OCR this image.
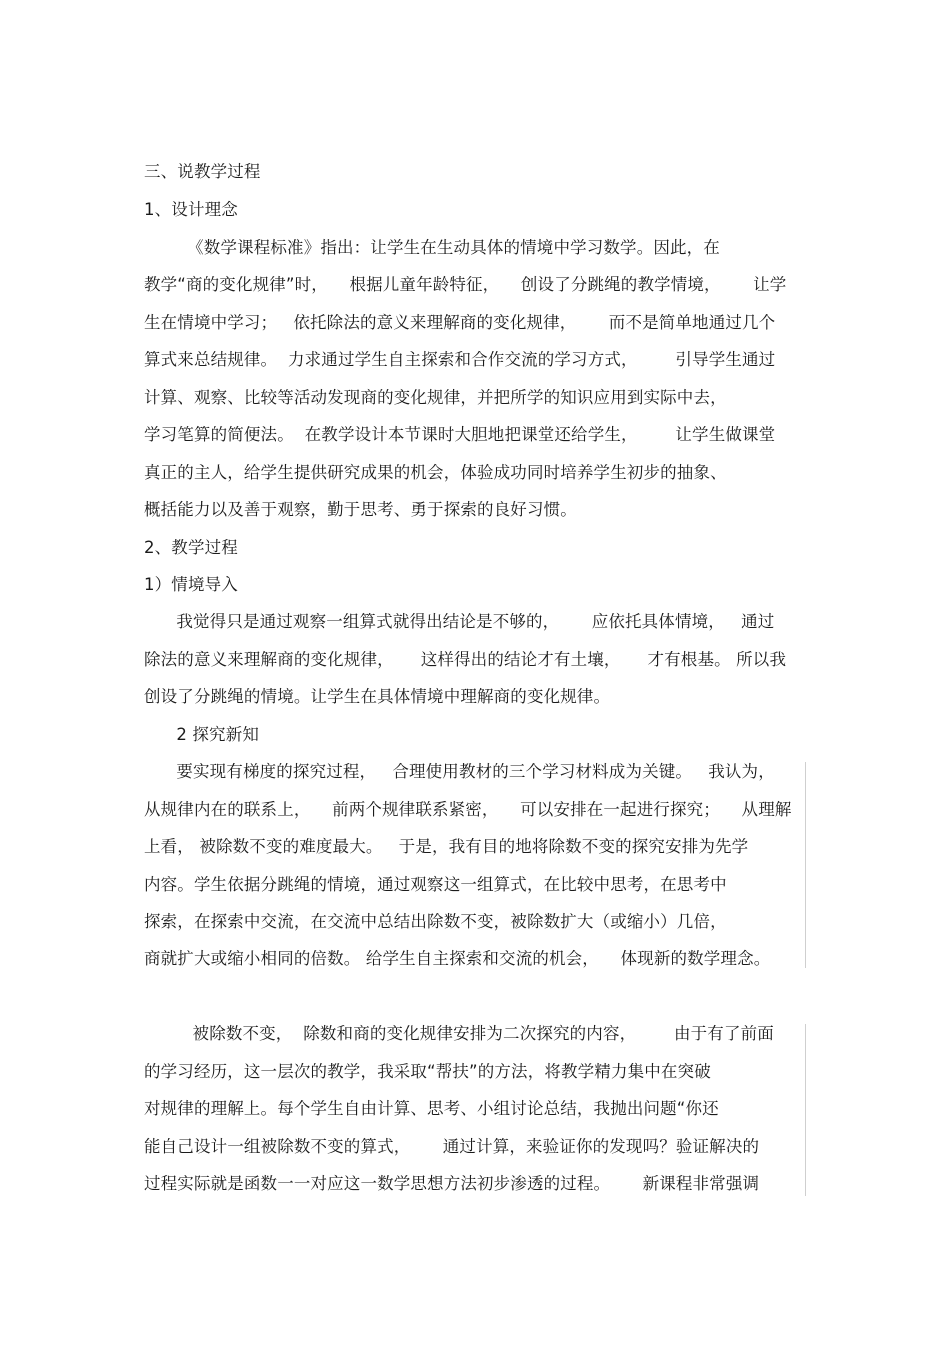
三、说教学过程
1、设计理念
《数学课程标准》指出：让学生在生动具体的情境中学习数学。因此，在
教学“商的变化规律”时，    根据儿童年龄特征，    创设了分跳绳的教学情境，      让学
生在情境中学习；   依托除法的意义来理解商的变化规律，      而不是简单地通过几个
算式来总结规律。  力求通过学生自主探索和合作交流的学习方式，       引导学生通过
计算、观察、比较等活动发现商的变化规律，并把所学的知识应用到实际中去，
学习笔算的简便法。  在教学设计本节课时大胆地把课堂还给学生，       让学生做课堂
真正的主人，给学生提供研究成果的机会，体验成功同时培养学生初步的抽象、
概括能力以及善于观察，勤于思考、勇于探索的良好习惯。
2、教学过程
1）情境导入
我觉得只是通过观察一组算式就得出结论是不够的，      应依托具体情境，   通过
除法的意义来理解商的变化规律，     这样得出的结论才有土壤，     才有根基。 所以我
创设了分跳绳的情境。让学生在具体情境中理解商的变化规律。
2 探究新知
要实现有梯度的探究过程，   合理使用教材的三个学习材料成为关键。   我认为，
从规律内在的联系上，    前两个规律联系紧密，    可以安排在一起进行探究；    从理解
上看， 被除数不变的难度最大。   于是，我有目的地将除数不变的探究安排为先学
内容。学生依据分跳绳的情境，通过观察这一组算式，在比较中思考，在思考中
探索，在探索中交流，在交流中总结出除数不变，被除数扩大（或缩小）几倍，
商就扩大或缩小相同的倍数。 给学生自主探索和交流的机会，    体现新的数学理念。
被除数不变，  除数和商的变化规律安排为二次探究的内容，       由于有了前面
的学习经历，这一层次的教学，我采取“帮扶”的方法，将教学精力集中在突破
对规律的理解上。每个学生自由计算、思考、小组讨论总结，我抛出问题“你还
能自己设计一组被除数不变的算式，      通过计算，来验证你的发现吗？验证解决的
过程实际就是函数一一对应这一数学思想方法初步渗透的过程。      新课程非常强调
